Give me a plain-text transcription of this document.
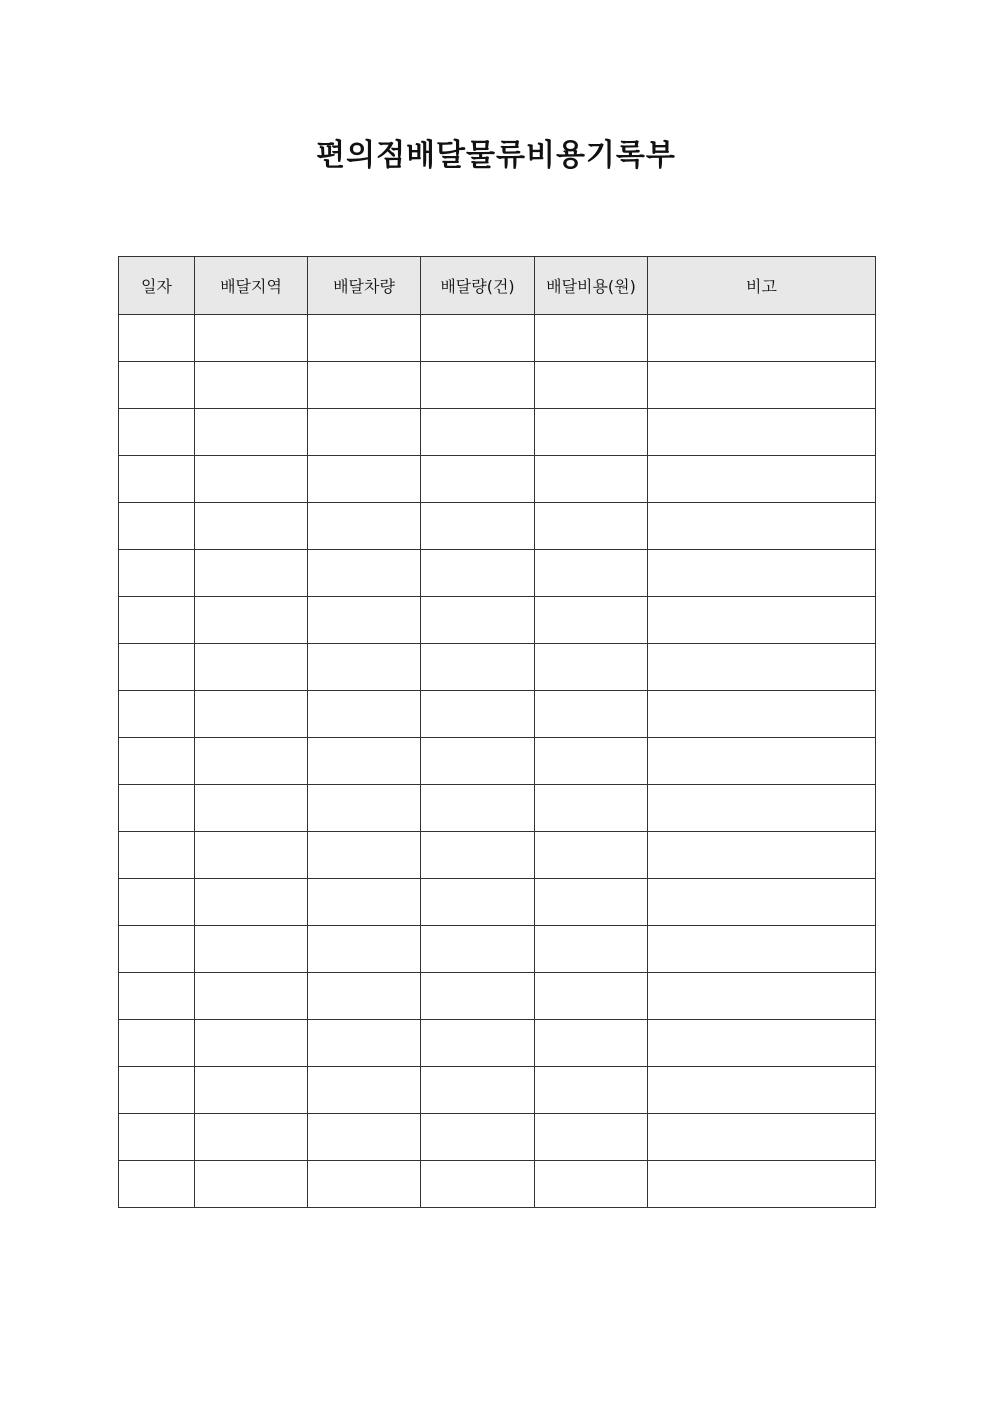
편의점배달물류비용기록부
일자	배달지역	배달차량	배달량(건)	배달비용(원)	비고
